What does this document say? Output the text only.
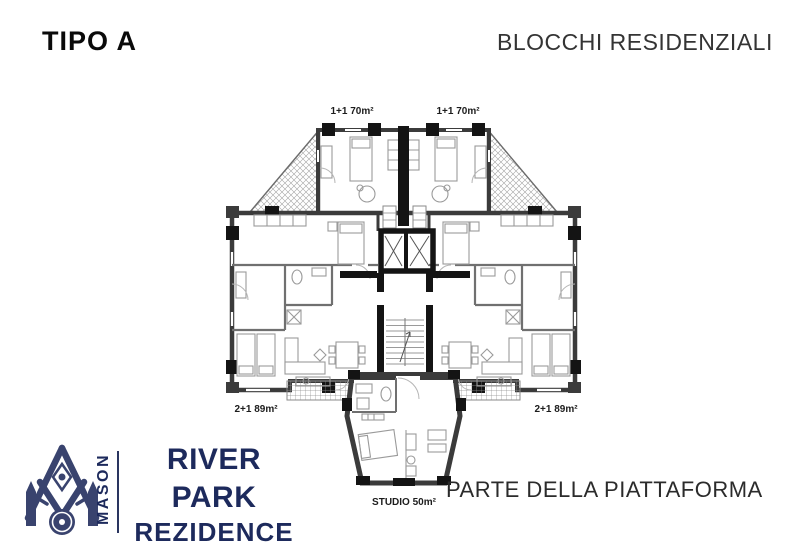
TIPO A	BLOCCHI RESIDENZIALI
1+1 70m²	1+1 70m²
2+1 89m²	2+1 89m²
STUDIO 50m²
MASON	RIVER PARK
REZIDENCE
PARTE DELLA PIATTAFORMA
